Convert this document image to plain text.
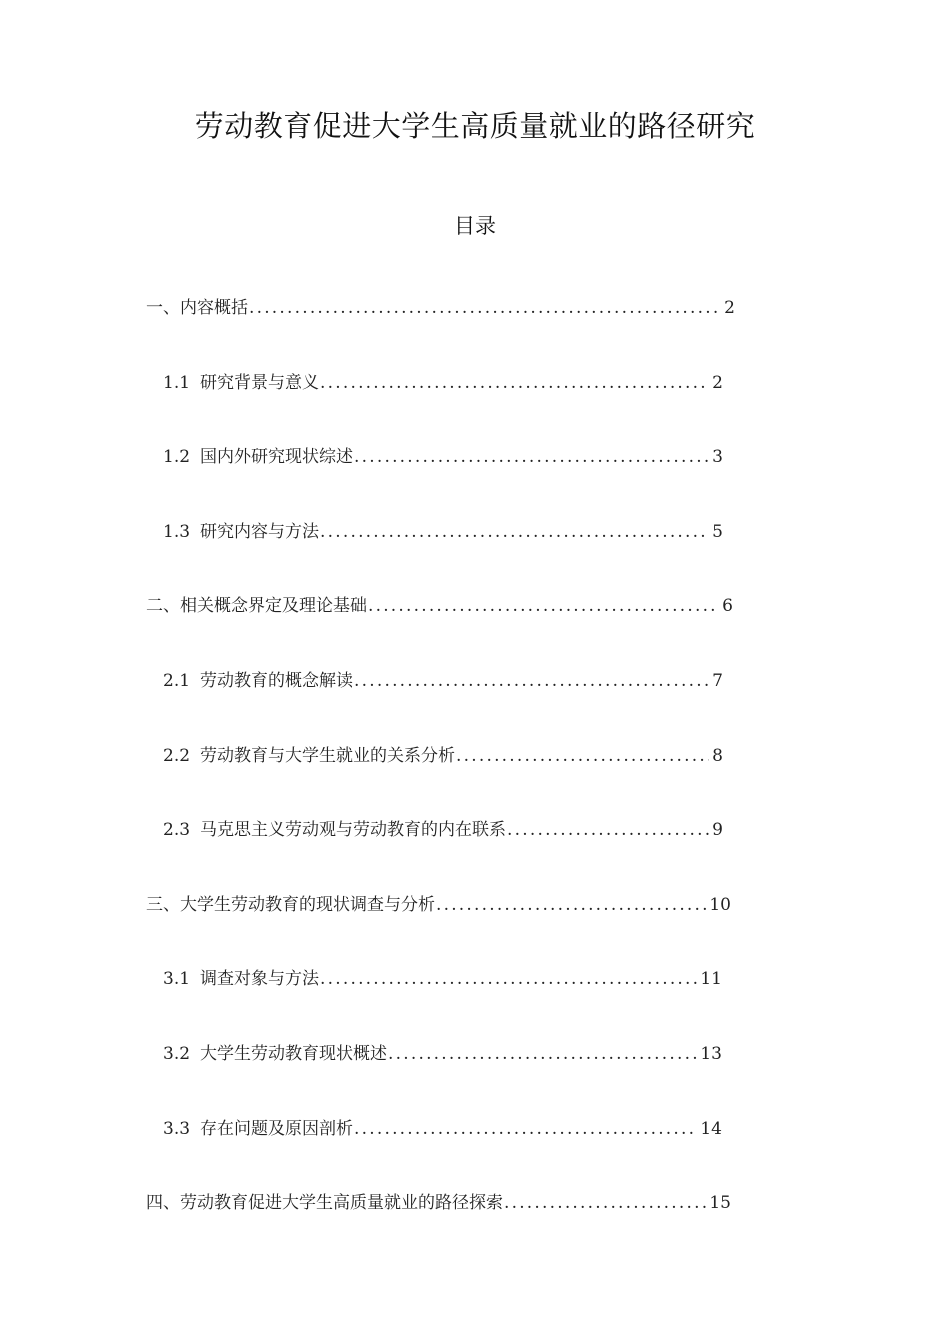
劳动教育促进大学生高质量就业的路径研究
目录
一、内容概括 .....	2
1.1 研究背景与意义 .....	2
1.2 国内外研究现状综述 .....	3
1.3 研究内容与方法 .....	5
二、相关概念界定及理论基础 .....	6
2.1 劳动教育的概念解读 .....	7
2.2 劳动教育与大学生就业的关系分析 .....	8
2.3 马克思主义劳动观与劳动教育的内在联系 .....	9
三、大学生劳动教育的现状调查与分析 .....	10
3.1 调查对象与方法 .....	11
3.2 大学生劳动教育现状概述 .....	13
3.3 存在问题及原因剖析 .....	14
四、劳动教育促进大学生高质量就业的路径探索 .....	15
